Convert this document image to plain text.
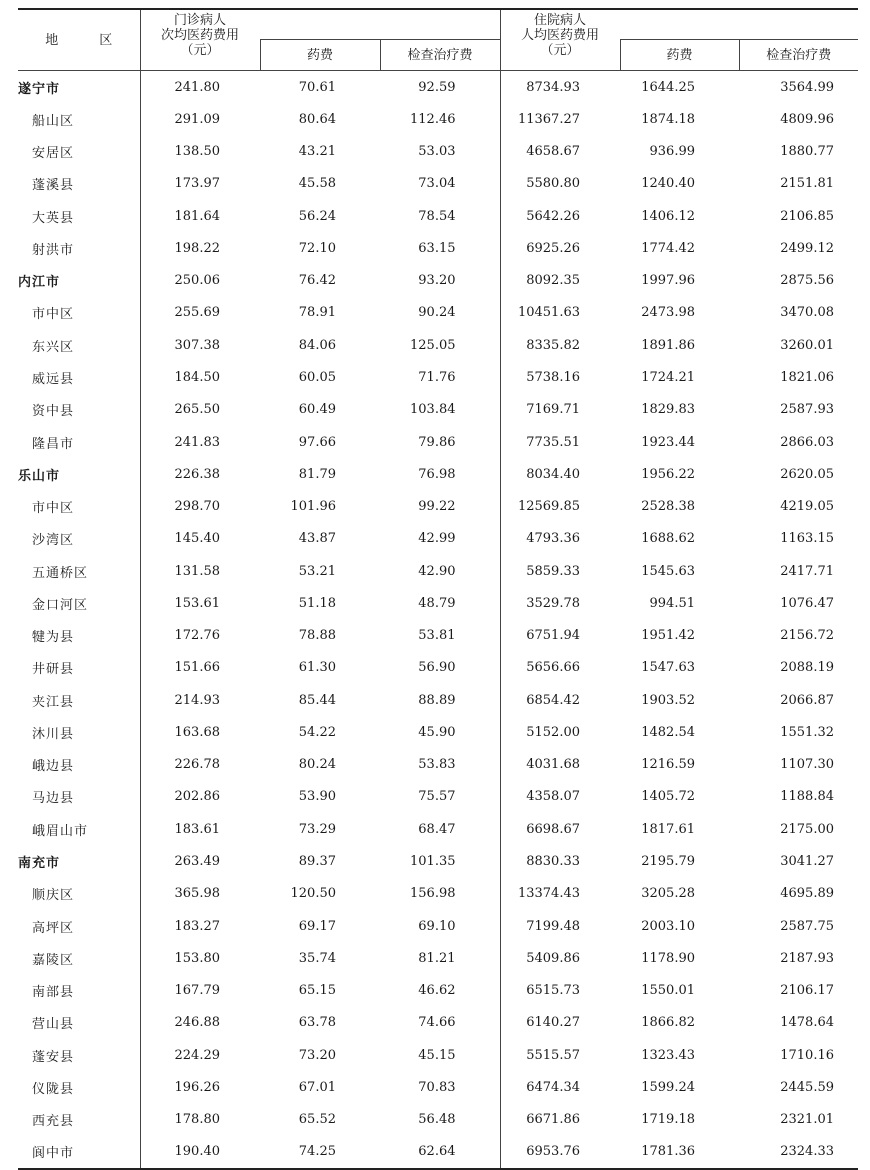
地　区	门诊病人
次均医药费用
（元）			住院病人
人均医药费用
（元）		

		药费	检查治疗费		药费	检查治疗费
遂宁市	241.80	70.61	92.59	8734.93	1644.25	3564.99
船山区	291.09	80.64	112.46	11367.27	1874.18	4809.96
安居区	138.50	43.21	53.03	4658.67	936.99	1880.77
蓬溪县	173.97	45.58	73.04	5580.80	1240.40	2151.81
大英县	181.64	56.24	78.54	5642.26	1406.12	2106.85
射洪市	198.22	72.10	63.15	6925.26	1774.42	2499.12
内江市	250.06	76.42	93.20	8092.35	1997.96	2875.56
市中区	255.69	78.91	90.24	10451.63	2473.98	3470.08
东兴区	307.38	84.06	125.05	8335.82	1891.86	3260.01
威远县	184.50	60.05	71.76	5738.16	1724.21	1821.06
资中县	265.50	60.49	103.84	7169.71	1829.83	2587.93
隆昌市	241.83	97.66	79.86	7735.51	1923.44	2866.03
乐山市	226.38	81.79	76.98	8034.40	1956.22	2620.05
市中区	298.70	101.96	99.22	12569.85	2528.38	4219.05
沙湾区	145.40	43.87	42.99	4793.36	1688.62	1163.15
五通桥区	131.58	53.21	42.90	5859.33	1545.63	2417.71
金口河区	153.61	51.18	48.79	3529.78	994.51	1076.47
犍为县	172.76	78.88	53.81	6751.94	1951.42	2156.72
井研县	151.66	61.30	56.90	5656.66	1547.63	2088.19
夹江县	214.93	85.44	88.89	6854.42	1903.52	2066.87
沐川县	163.68	54.22	45.90	5152.00	1482.54	1551.32
峨边县	226.78	80.24	53.83	4031.68	1216.59	1107.30
马边县	202.86	53.90	75.57	4358.07	1405.72	1188.84
峨眉山市	183.61	73.29	68.47	6698.67	1817.61	2175.00
南充市	263.49	89.37	101.35	8830.33	2195.79	3041.27
顺庆区	365.98	120.50	156.98	13374.43	3205.28	4695.89
高坪区	183.27	69.17	69.10	7199.48	2003.10	2587.75
嘉陵区	153.80	35.74	81.21	5409.86	1178.90	2187.93
南部县	167.79	65.15	46.62	6515.73	1550.01	2106.17
营山县	246.88	63.78	74.66	6140.27	1866.82	1478.64
蓬安县	224.29	73.20	45.15	5515.57	1323.43	1710.16
仪陇县	196.26	67.01	70.83	6474.34	1599.24	2445.59
西充县	178.80	65.52	56.48	6671.86	1719.18	2321.01
阆中市	190.40	74.25	62.64	6953.76	1781.36	2324.33
